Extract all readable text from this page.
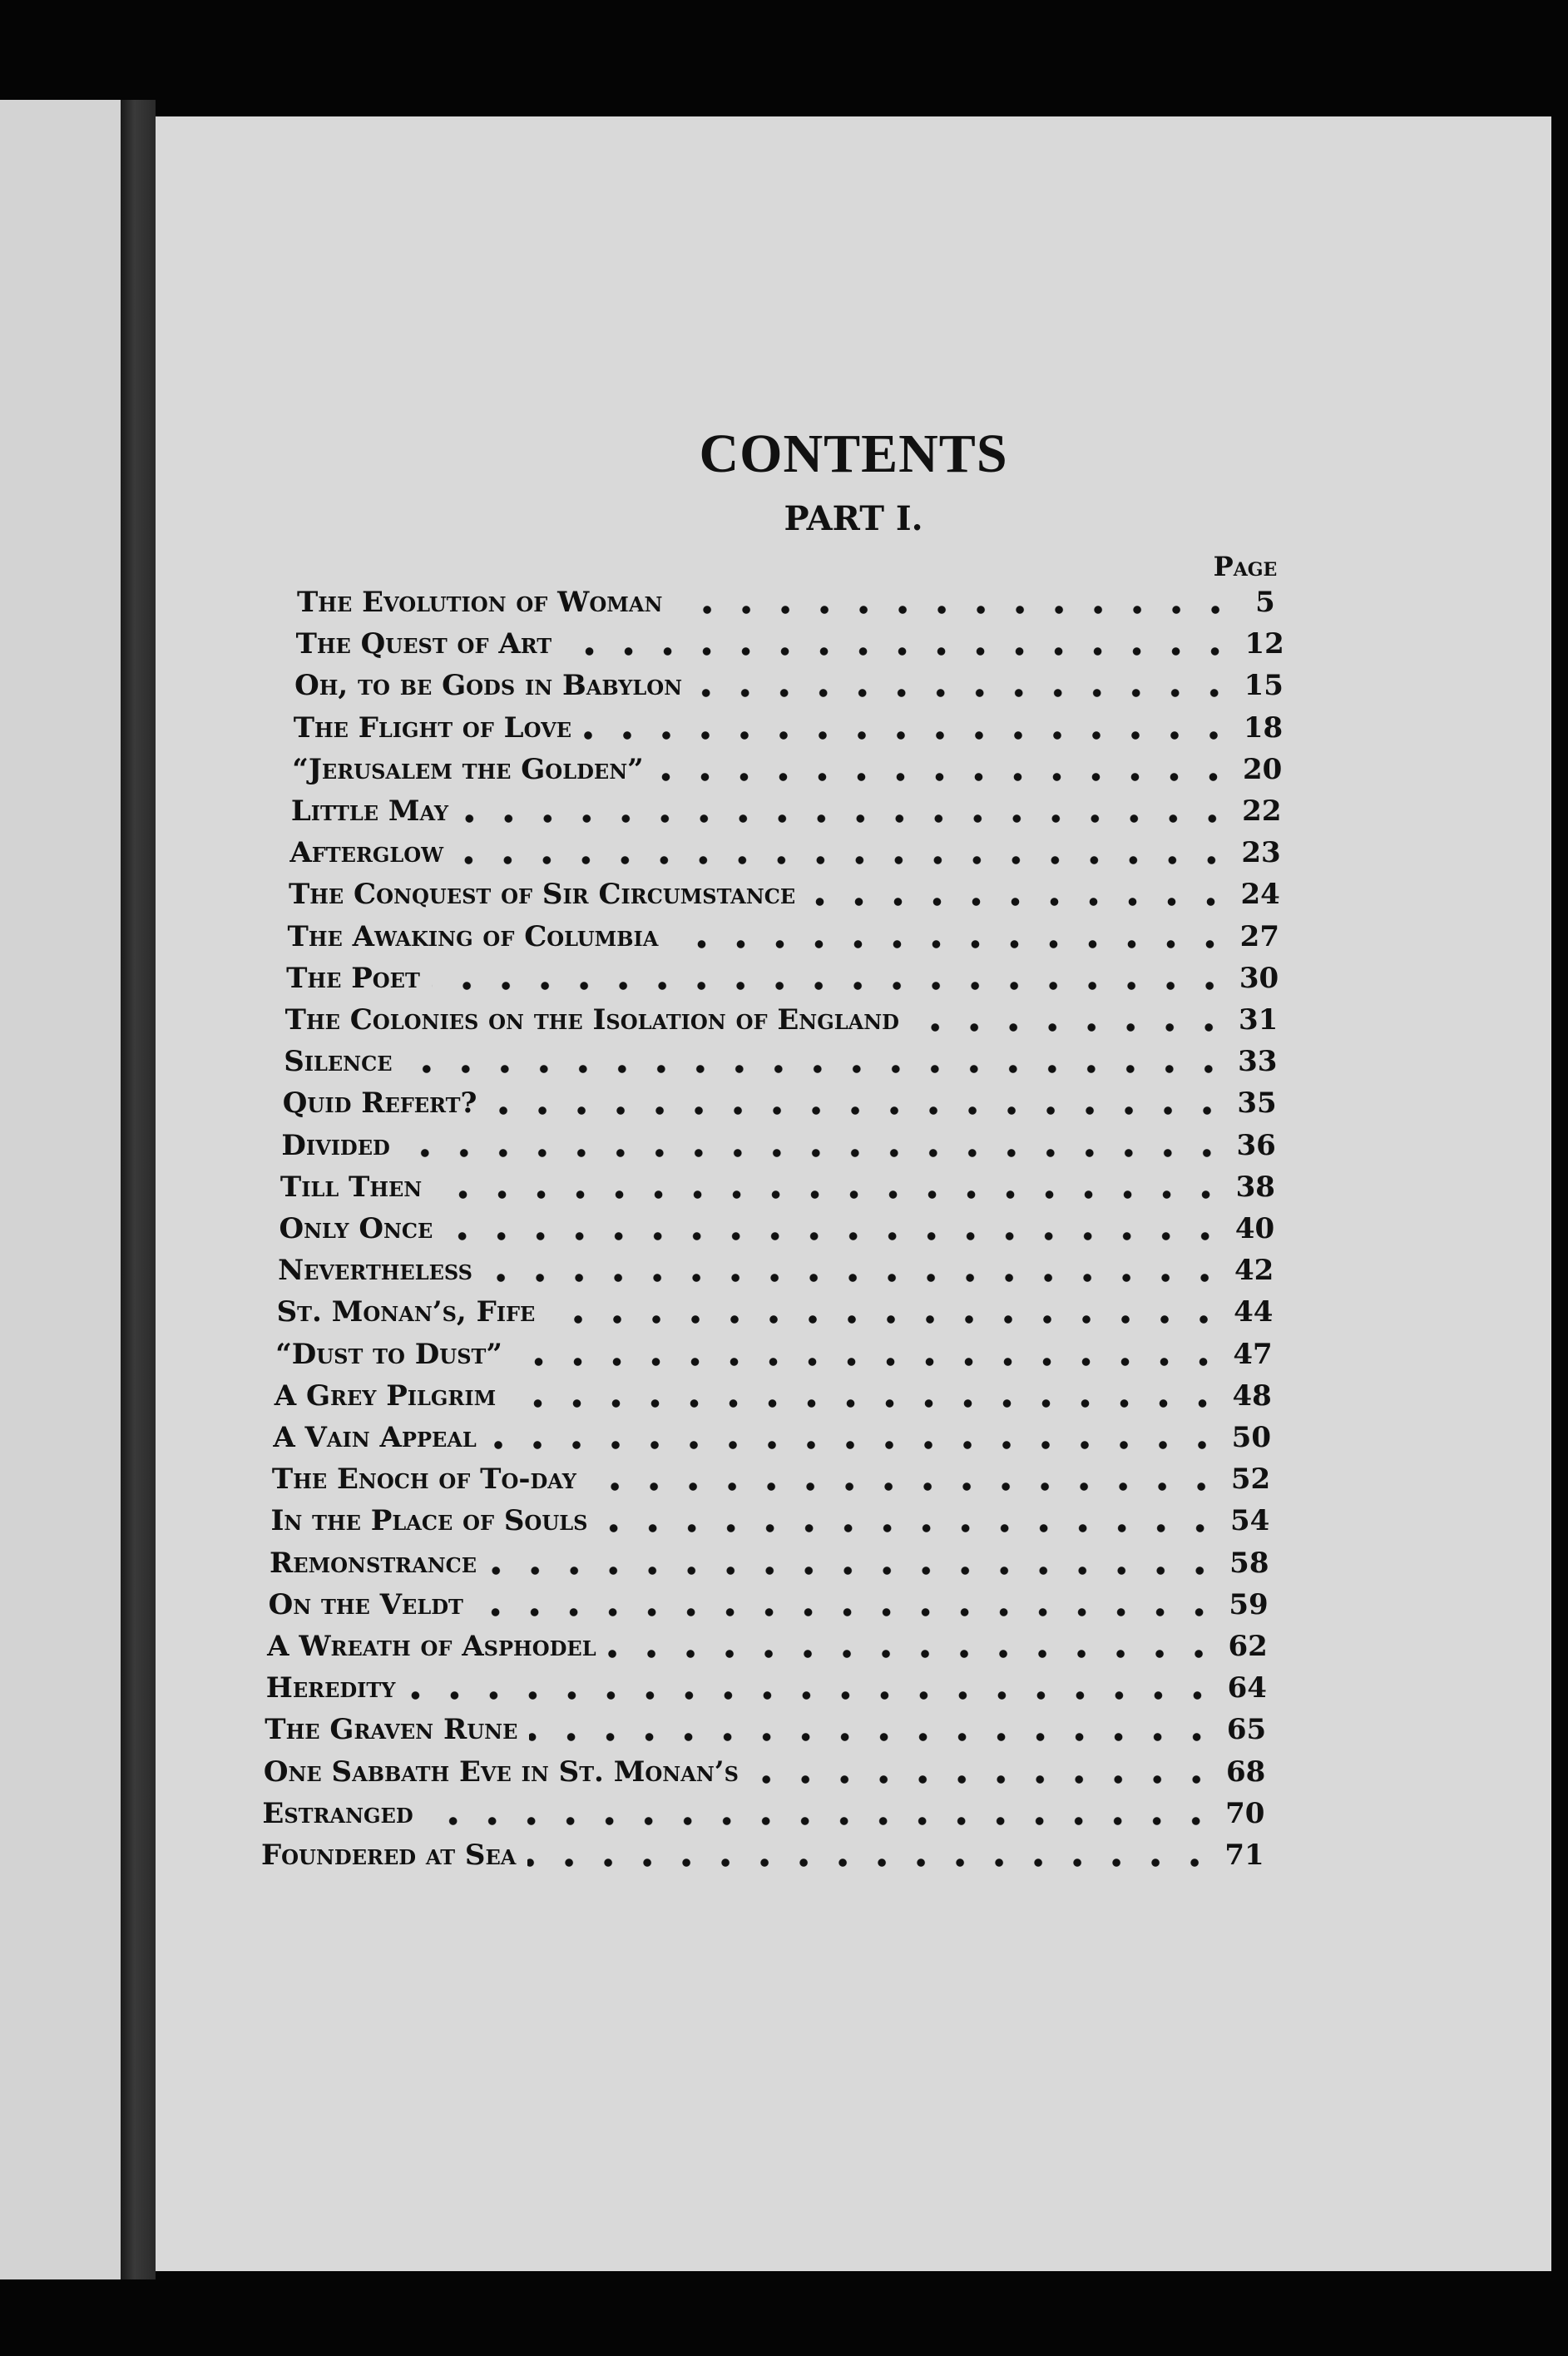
CONTENTS
PART I.
Page
The Evolution of Woman	5
The Quest of Art	12
Oh, to be Gods in Babylon	15
The Flight of Love	18
“Jerusalem the Golden”	20
Little May	22
Afterglow	23
The Conquest of Sir Circumstance	24
The Awaking of Columbia	27
The Poet	30
The Colonies on the Isolation of England	31
Silence	33
Quid Refert?	35
Divided	36
Till Then	38
Only Once	40
Nevertheless	42
St. Monan’s, Fife	44
“Dust to Dust”	47
A Grey Pilgrim	48
A Vain Appeal	50
The Enoch of To-day	52
In the Place of Souls	54
Remonstrance	58
On the Veldt	59
A Wreath of Asphodel	62
Heredity	64
The Graven Rune	65
One Sabbath Eve in St. Monan’s	68
Estranged	70
Foundered at Sea	71
